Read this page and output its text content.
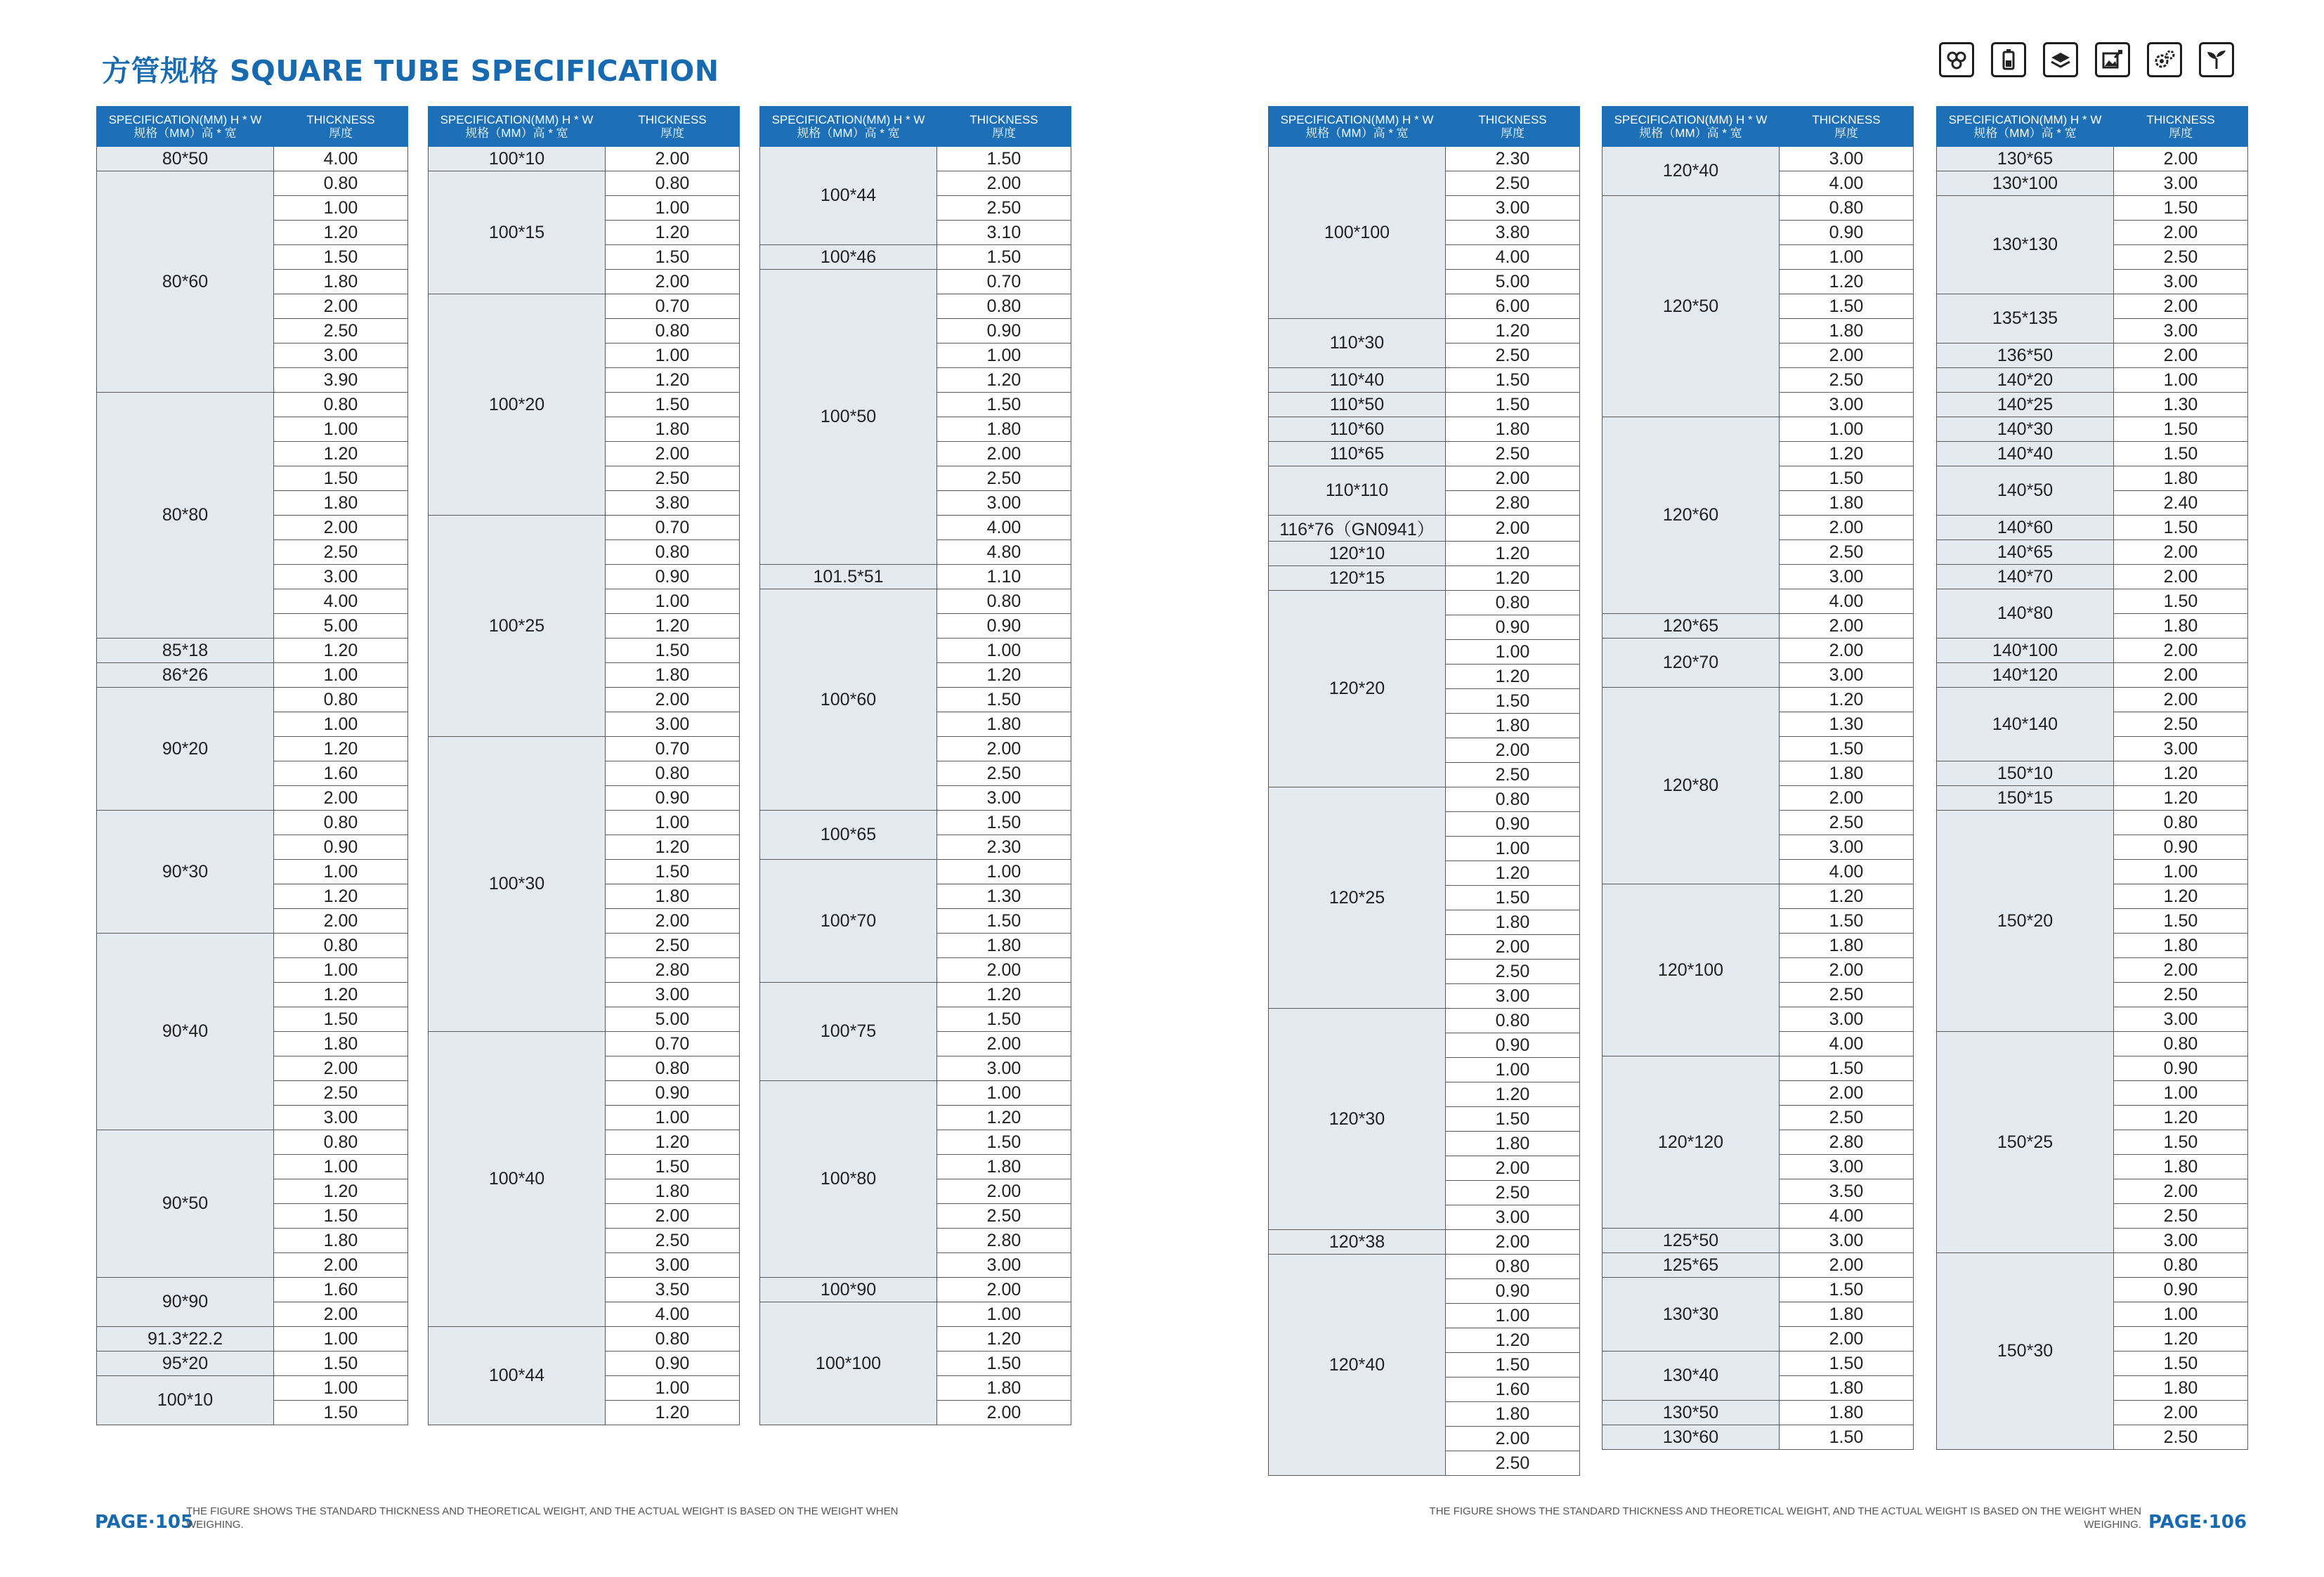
方管规格 SQUARE TUBE SPECIFICATION
SPECIFICATION(MM) H * W
规格（MM）高 * 宽	THICKNESS
厚度

80*50	4.00
80*60	0.80
	1.00
	1.20
	1.50
	1.80
	2.00
	2.50
	3.00
	3.90
80*80	0.80
	1.00
	1.20
	1.50
	1.80
	2.00
	2.50
	3.00
	4.00
	5.00
85*18	1.20
86*26	1.00
90*20	0.80
	1.00
	1.20
	1.60
	2.00
90*30	0.80
	0.90
	1.00
	1.20
	2.00
90*40	0.80
	1.00
	1.20
	1.50
	1.80
	2.00
	2.50
	3.00
90*50	0.80
	1.00
	1.20
	1.50
	1.80
	2.00
90*90	1.60
	2.00
91.3*22.2	1.00
95*20	1.50
100*10	1.00
	1.50
SPECIFICATION(MM) H * W
规格（MM）高 * 宽	THICKNESS
厚度

100*10	2.00
100*15	0.80
	1.00
	1.20
	1.50
	2.00
100*20	0.70
	0.80
	1.00
	1.20
	1.50
	1.80
	2.00
	2.50
	3.80
100*25	0.70
	0.80
	0.90
	1.00
	1.20
	1.50
	1.80
	2.00
	3.00
100*30	0.70
	0.80
	0.90
	1.00
	1.20
	1.50
	1.80
	2.00
	2.50
	2.80
	3.00
	5.00
100*40	0.70
	0.80
	0.90
	1.00
	1.20
	1.50
	1.80
	2.00
	2.50
	3.00
	3.50
	4.00
100*44	0.80
	0.90
	1.00
	1.20
SPECIFICATION(MM) H * W
规格（MM）高 * 宽	THICKNESS
厚度

100*44	1.50
	2.00
	2.50
	3.10
100*46	1.50
100*50	0.70
	0.80
	0.90
	1.00
	1.20
	1.50
	1.80
	2.00
	2.50
	3.00
	4.00
	4.80
101.5*51	1.10
100*60	0.80
	0.90
	1.00
	1.20
	1.50
	1.80
	2.00
	2.50
	3.00
100*65	1.50
	2.30
100*70	1.00
	1.30
	1.50
	1.80
	2.00
100*75	1.20
	1.50
	2.00
	3.00
100*80	1.00
	1.20
	1.50
	1.80
	2.00
	2.50
	2.80
	3.00
100*90	2.00
100*100	1.00
	1.20
	1.50
	1.80
	2.00
SPECIFICATION(MM) H * W
规格（MM）高 * 宽	THICKNESS
厚度

100*100	2.30
	2.50
	3.00
	3.80
	4.00
	5.00
	6.00
110*30	1.20
	2.50
110*40	1.50
110*50	1.50
110*60	1.80
110*65	2.50
110*110	2.00
	2.80
116*76（GN0941）	2.00
120*10	1.20
120*15	1.20
120*20	0.80
	0.90
	1.00
	1.20
	1.50
	1.80
	2.00
	2.50
120*25	0.80
	0.90
	1.00
	1.20
	1.50
	1.80
	2.00
	2.50
	3.00
120*30	0.80
	0.90
	1.00
	1.20
	1.50
	1.80
	2.00
	2.50
	3.00
120*38	2.00
120*40	0.80
	0.90
	1.00
	1.20
	1.50
	1.60
	1.80
	2.00
	2.50
SPECIFICATION(MM) H * W
规格（MM）高 * 宽	THICKNESS
厚度

120*40	3.00
	4.00
120*50	0.80
	0.90
	1.00
	1.20
	1.50
	1.80
	2.00
	2.50
	3.00
120*60	1.00
	1.20
	1.50
	1.80
	2.00
	2.50
	3.00
	4.00
120*65	2.00
120*70	2.00
	3.00
120*80	1.20
	1.30
	1.50
	1.80
	2.00
	2.50
	3.00
	4.00
120*100	1.20
	1.50
	1.80
	2.00
	2.50
	3.00
	4.00
120*120	1.50
	2.00
	2.50
	2.80
	3.00
	3.50
	4.00
125*50	3.00
125*65	2.00
130*30	1.50
	1.80
	2.00
130*40	1.50
	1.80
130*50	1.80
130*60	1.50
SPECIFICATION(MM) H * W
规格（MM）高 * 宽	THICKNESS
厚度

130*65	2.00
130*100	3.00
130*130	1.50
	2.00
	2.50
	3.00
135*135	2.00
	3.00
136*50	2.00
140*20	1.00
140*25	1.30
140*30	1.50
140*40	1.50
140*50	1.80
	2.40
140*60	1.50
140*65	2.00
140*70	2.00
140*80	1.50
	1.80
140*100	2.00
140*120	2.00
140*140	2.00
	2.50
	3.00
150*10	1.20
150*15	1.20
150*20	0.80
	0.90
	1.00
	1.20
	1.50
	1.80
	2.00
	2.50
	3.00
150*25	0.80
	0.90
	1.00
	1.20
	1.50
	1.80
	2.00
	2.50
	3.00
150*30	0.80
	0.90
	1.00
	1.20
	1.50
	1.80
	2.00
	2.50
PAGE·105
THE FIGURE SHOWS THE STANDARD THICKNESS AND THEORETICAL WEIGHT, AND THE ACTUAL WEIGHT IS BASED ON THE WEIGHT WHEN WEIGHING.
THE FIGURE SHOWS THE STANDARD THICKNESS AND THEORETICAL WEIGHT, AND THE ACTUAL WEIGHT IS BASED ON THE WEIGHT WHEN WEIGHING. PAGE·106
